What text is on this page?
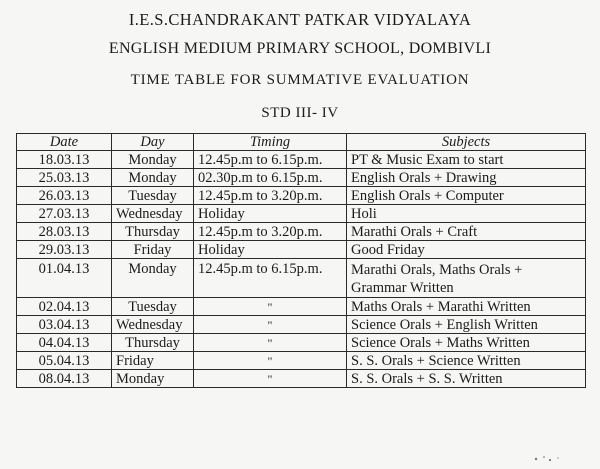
I.E.S.CHANDRAKANT PATKAR VIDYALAYA
ENGLISH MEDIUM PRIMARY SCHOOL, DOMBIVLI
TIME TABLE FOR SUMMATIVE EVALUATION
STD III- IV
Date	Day	Timing	Subjects
18.03.13	Monday	12.45p.m to 6.15p.m.	PT & Music Exam to start
25.03.13	Monday	02.30p.m to 6.15p.m.	English Orals + Drawing
26.03.13	Tuesday	12.45p.m to 3.20p.m.	English Orals + Computer
27.03.13	Wednesday	Holiday	Holi
28.03.13	Thursday	12.45p.m to 3.20p.m.	Marathi Orals + Craft
29.03.13	Friday	Holiday	Good Friday
01.04.13	Monday	12.45p.m to 6.15p.m.	Marathi Orals, Maths Orals + Grammar Written
02.04.13	Tuesday	"	Maths Orals + Marathi Written
03.04.13	Wednesday	"	Science Orals + English Written
04.04.13	Thursday	"	Science Orals + Maths Written
05.04.13	Friday	"	S. S. Orals + Science Written
08.04.13	Monday	"	S. S. Orals + S. S. Written
